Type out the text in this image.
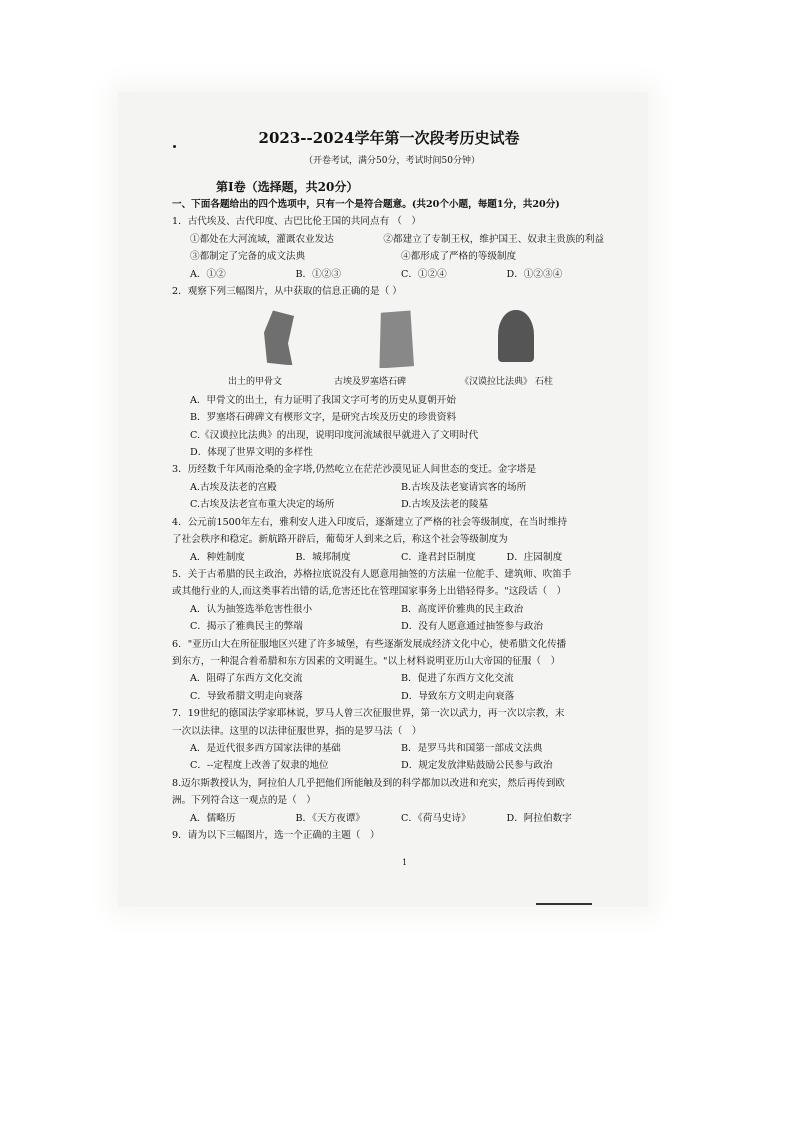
2023--2024学年第一次段考历史试卷
（开卷考试，满分50分，考试时间50分钟）
第Ⅰ卷（选择题，共20分）
一、下面各题给出的四个选项中，只有一个是符合题意。(共20个小题，每题1分，共20分)
1．古代埃及、古代印度、古巴比伦王国的共同点有 （　）
①都处在大河流域，灌溉农业发达	②都建立了专制王权，维护国王、奴隶主贵族的利益
③都制定了完备的成文法典	④都形成了严格的等级制度
A．①②	B．①②③	C．①②④	D．①②③④
2．观察下列三幅图片，从中获取的信息正确的是（ ）
出土的甲骨文	古埃及罗塞塔石碑	《汉谟拉比法典》 石柱
A．甲骨文的出土，有力证明了我国文字可考的历史从夏朝开始
B．罗塞塔石碑碑文有楔形文字，是研究古埃及历史的珍贵资料
C.《汉谟拉比法典》的出现，说明印度河流域很早就进入了文明时代
D．体现了世界文明的多样性
3．历经数千年风雨沧桑的金字塔,仍然屹立在茫茫沙漠见证人间世态的变迁。金字塔是
A.古埃及法老的宫殿	B.古埃及法老宴请宾客的场所
C.古埃及法老宣布重大决定的场所	D.古埃及法老的陵墓
4．公元前1500年左右，雅利安人进入印度后，逐渐建立了严格的社会等级制度，在当时维持
了社会秩序和稳定。新航路开辟后，葡萄牙人到来之后，称这个社会等级制度为
A．种姓制度	B．城邦制度	C．逢君封臣制度	D．庄园制度
5．关于古希腊的民主政治，苏格拉底说没有人愿意用抽签的方法雇一位舵手、建筑师、吹笛手
或其他行业的人,而这类事若出错的话,危害还比在管理国家事务上出错轻得多。"这段话（　）
A．认为抽签选举危害性很小	B．高度评价雅典的民主政治
C．揭示了雅典民主的弊端	D．没有人愿意通过抽签参与政治
6．"亚历山大在所征服地区兴建了许多城堡，有些逐渐发展成经济文化中心，使希腊文化传播
到东方，一种混合着希腊和东方因素的文明诞生。"以上材料说明亚历山大帝国的征服（　）
A．阻碍了东西方文化交流	B．促进了东西方文化交流
C．导致希腊文明走向衰落	D．导致东方文明走向衰落
7．19世纪的德国法学家耶林说，罗马人曾三次征服世界，第一次以武力，再一次以宗教，末
一次以法律。这里的以法律征服世界，指的是罗马法（　）
A．是近代很多西方国家法律的基础	B．是罗马共和国第一部成文法典
C．--定程度上改善了奴隶的地位	D．规定发放津贴鼓励公民参与政治
8.迈尔斯教授认为，阿拉伯人几乎把他们所能触及到的科学都加以改进和充实，然后再传到欧
洲。下列符合这一观点的是（　）
A．儒略历	B．《天方夜谭》	C．《荷马史诗》	D．阿拉伯数字
9．请为以下三幅图片，选一个正确的主题（　）
1
